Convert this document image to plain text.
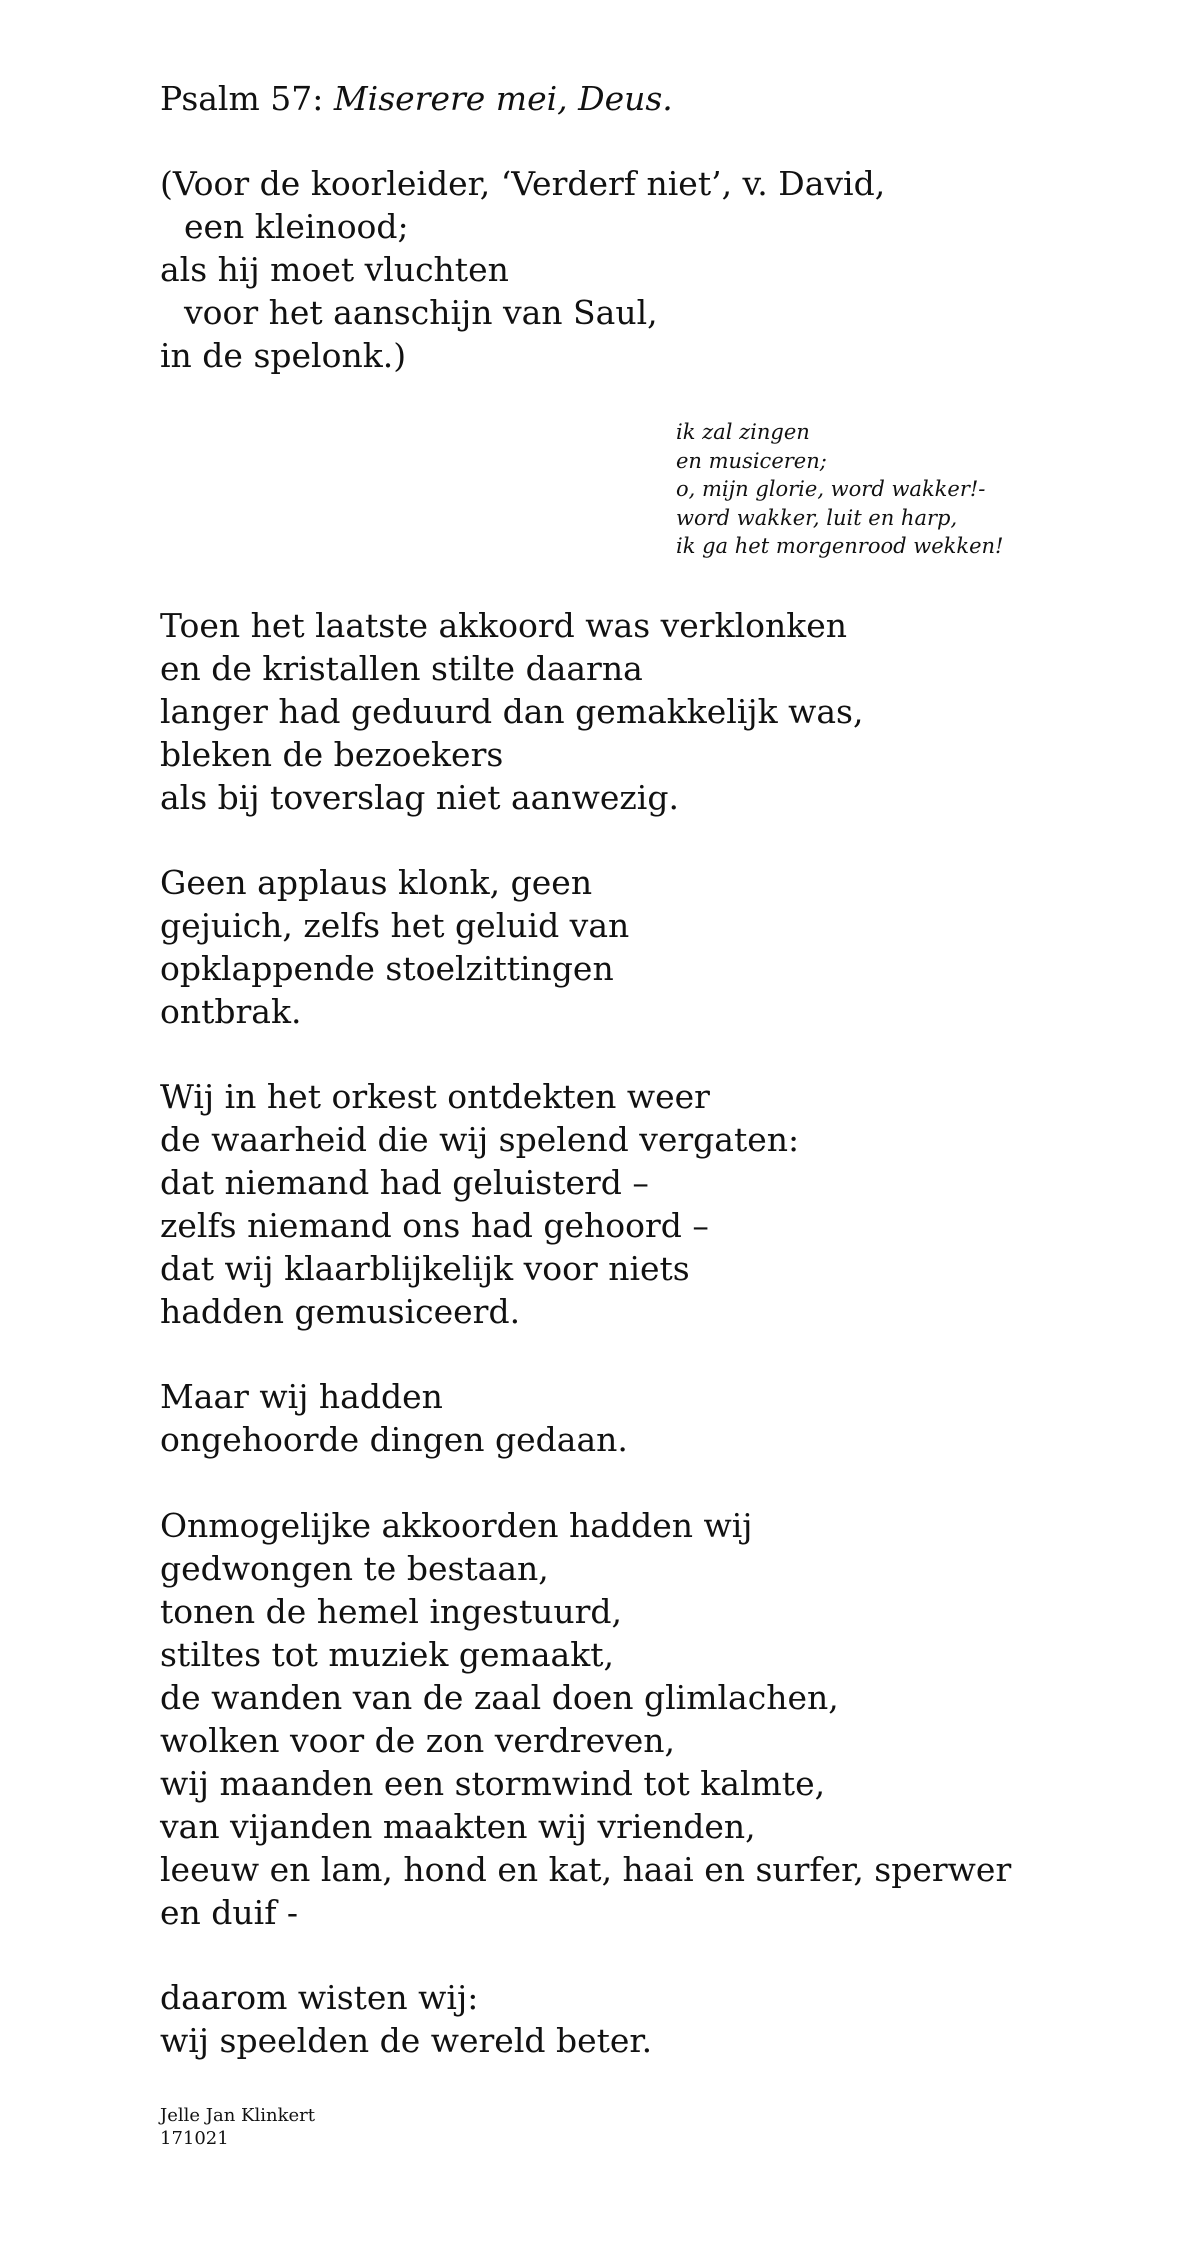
Psalm 57: Miserere mei, Deus.
(Voor de koorleider, ‘Verderf niet’, v. David,
een kleinood;
als hij moet vluchten
voor het aanschijn van Saul,
in de spelonk.)
ik zal zingen
en musiceren;
o, mijn glorie, word wakker!-
word wakker, luit en harp,
ik ga het morgenrood wekken!
Toen het laatste akkoord was verklonken
en de kristallen stilte daarna
langer had geduurd dan gemakkelijk was,
bleken de bezoekers
als bij toverslag niet aanwezig.
Geen applaus klonk, geen
gejuich, zelfs het geluid van
opklappende stoelzittingen
ontbrak.
Wij in het orkest ontdekten weer
de waarheid die wij spelend vergaten:
dat niemand had geluisterd –
zelfs niemand ons had gehoord –
dat wij klaarblijkelijk voor niets
hadden gemusiceerd.
Maar wij hadden
ongehoorde dingen gedaan.
Onmogelijke akkoorden hadden wij
gedwongen te bestaan,
tonen de hemel ingestuurd,
stiltes tot muziek gemaakt,
de wanden van de zaal doen glimlachen,
wolken voor de zon verdreven,
wij maanden een stormwind tot kalmte,
van vijanden maakten wij vrienden,
leeuw en lam, hond en kat, haai en surfer, sperwer
en duif -
daarom wisten wij:
wij speelden de wereld beter.
Jelle Jan Klinkert
171021
